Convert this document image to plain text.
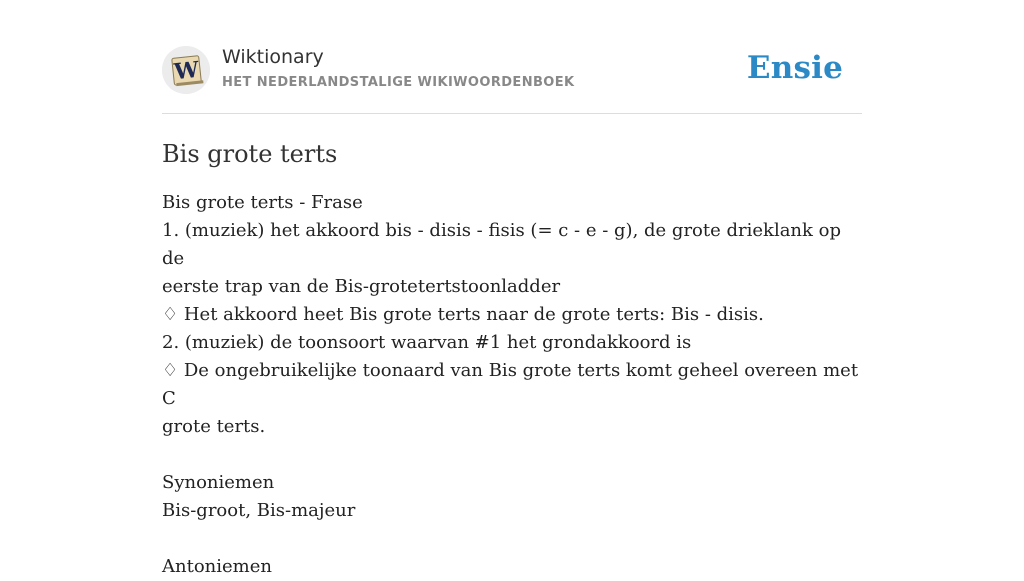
W Wiktionary
HET NEDERLANDSTALIGE WIKIWOORDENBOEK	Ensie
Bis grote terts
Bis grote terts - Frase
1. (muziek) het akkoord bis - disis - fisis (= c - e - g), de grote drieklank op de
eerste trap van de Bis-grotetertstoonladder
♢ Het akkoord heet Bis grote terts naar de grote terts: Bis - disis.
2. (muziek) de toonsoort waarvan #1 het grondakkoord is
♢ De ongebruikelijke toonaard van Bis grote terts komt geheel overeen met C
grote terts.
Synoniemen
Bis-groot, Bis-majeur
Antoniemen
